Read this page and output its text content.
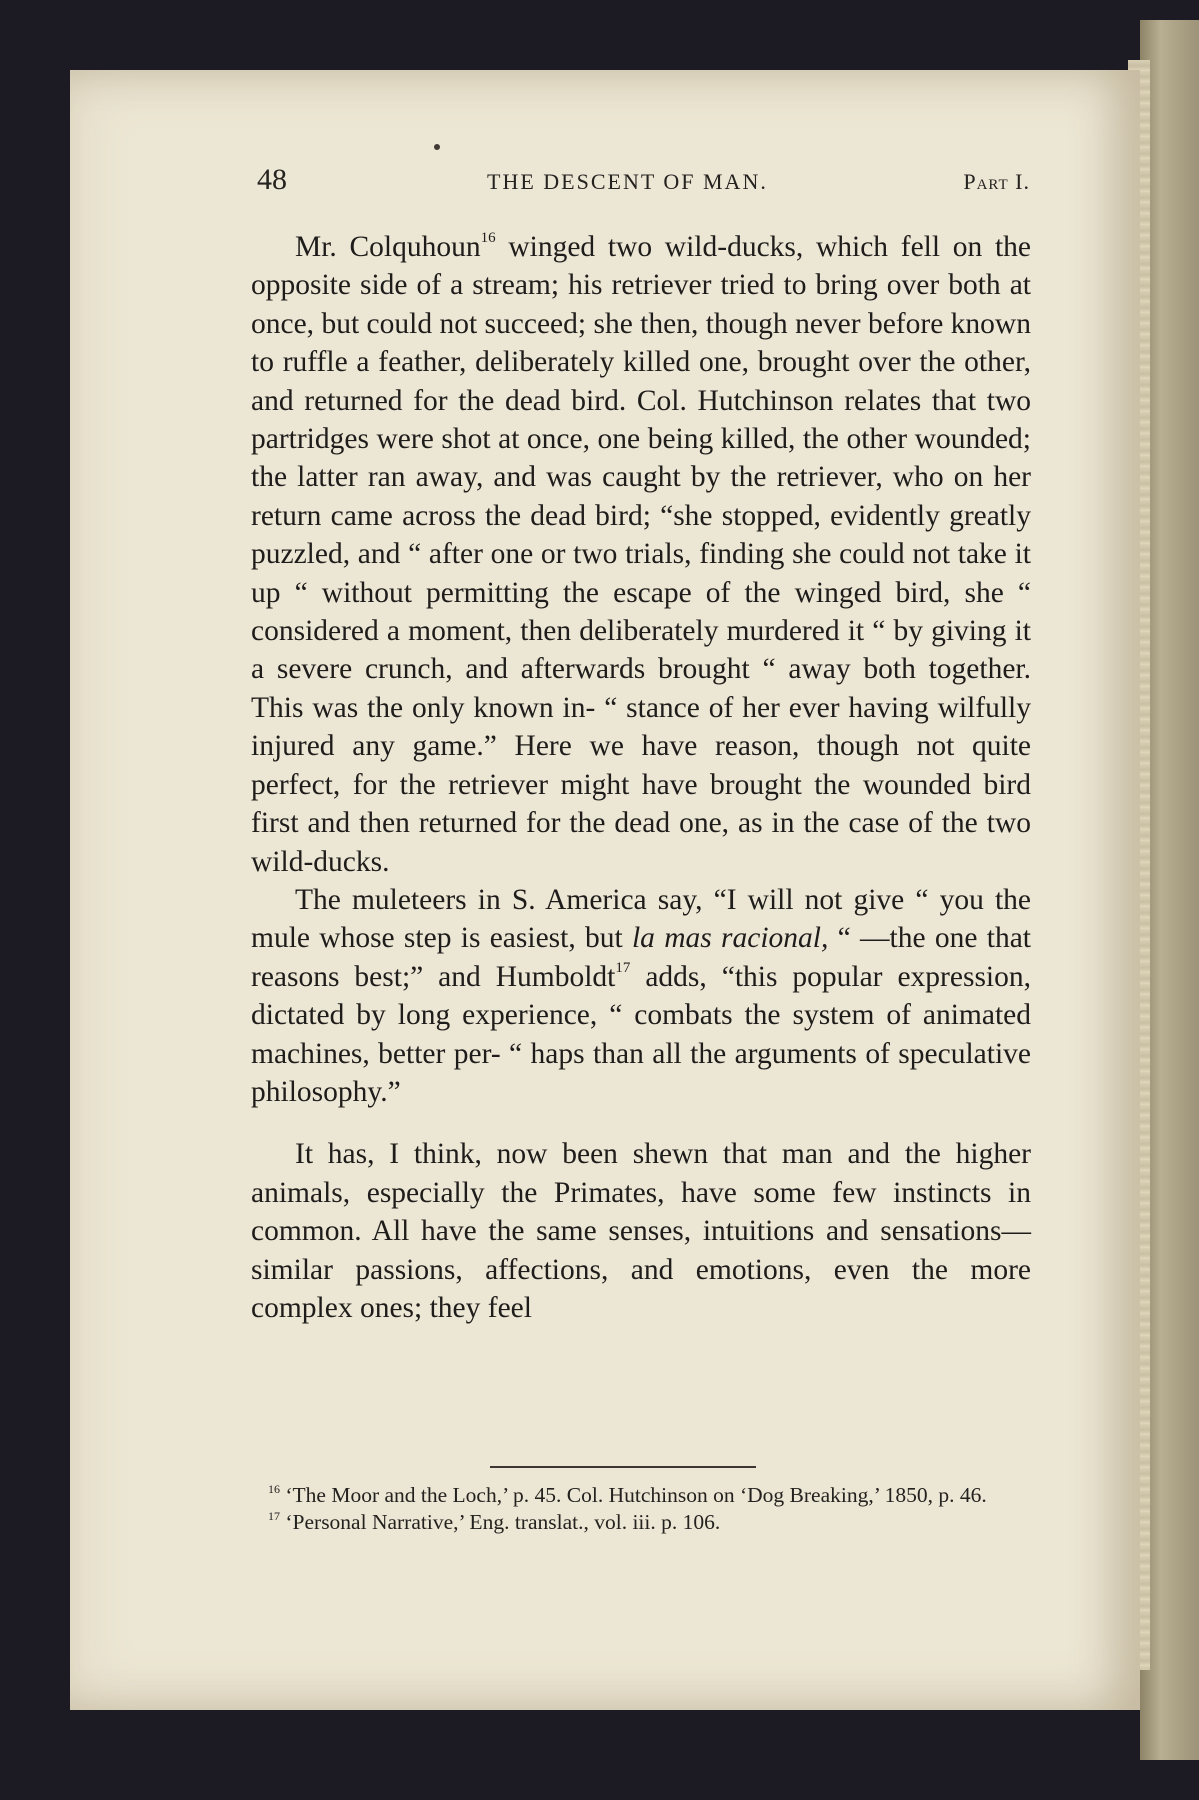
48	THE DESCENT OF MAN.	Part I.

Mr. Colquhoun$^{16}$ winged two wild-ducks, which fell on the opposite side of a stream; his retriever tried to bring over both at once, but could not succeed; she then, though never before known to ruffle a feather, deliberately killed one, brought over the other, and returned for the dead bird. Col. Hutchinson relates that two partridges were shot at once, one being killed, the other wounded; the latter ran away, and was caught by the retriever, who on her return came across the dead bird; “she stopped, evidently greatly puzzled, and “ after one or two trials, finding she could not take it up “ without permitting the escape of the winged bird, she “ considered a moment, then deliberately murdered it “ by giving it a severe crunch, and afterwards brought “ away both together. This was the only known in- “ stance of her ever having wilfully injured any game.” Here we have reason, though not quite perfect, for the retriever might have brought the wounded bird first and then returned for the dead one, as in the case of the two wild-ducks.

The muleteers in S. America say, “I will not give “ you the mule whose step is easiest, but la mas racional, “ —the one that reasons best;” and Humboldt$^{17}$ adds, “this popular expression, dictated by long experience, “ combats the system of animated machines, better per- “ haps than all the arguments of speculative philosophy.”

It has, I think, now been shewn that man and the higher animals, especially the Primates, have some few instincts in common. All have the same senses, intuitions and sensations—similar passions, affections, and emotions, even the more complex ones; they feel

$^{16}$ ‘The Moor and the Loch,’ p. 45. Col. Hutchinson on ‘Dog Breaking,’ 1850, p. 46.

$^{17}$ ‘Personal Narrative,’ Eng. translat., vol. iii. p. 106.
